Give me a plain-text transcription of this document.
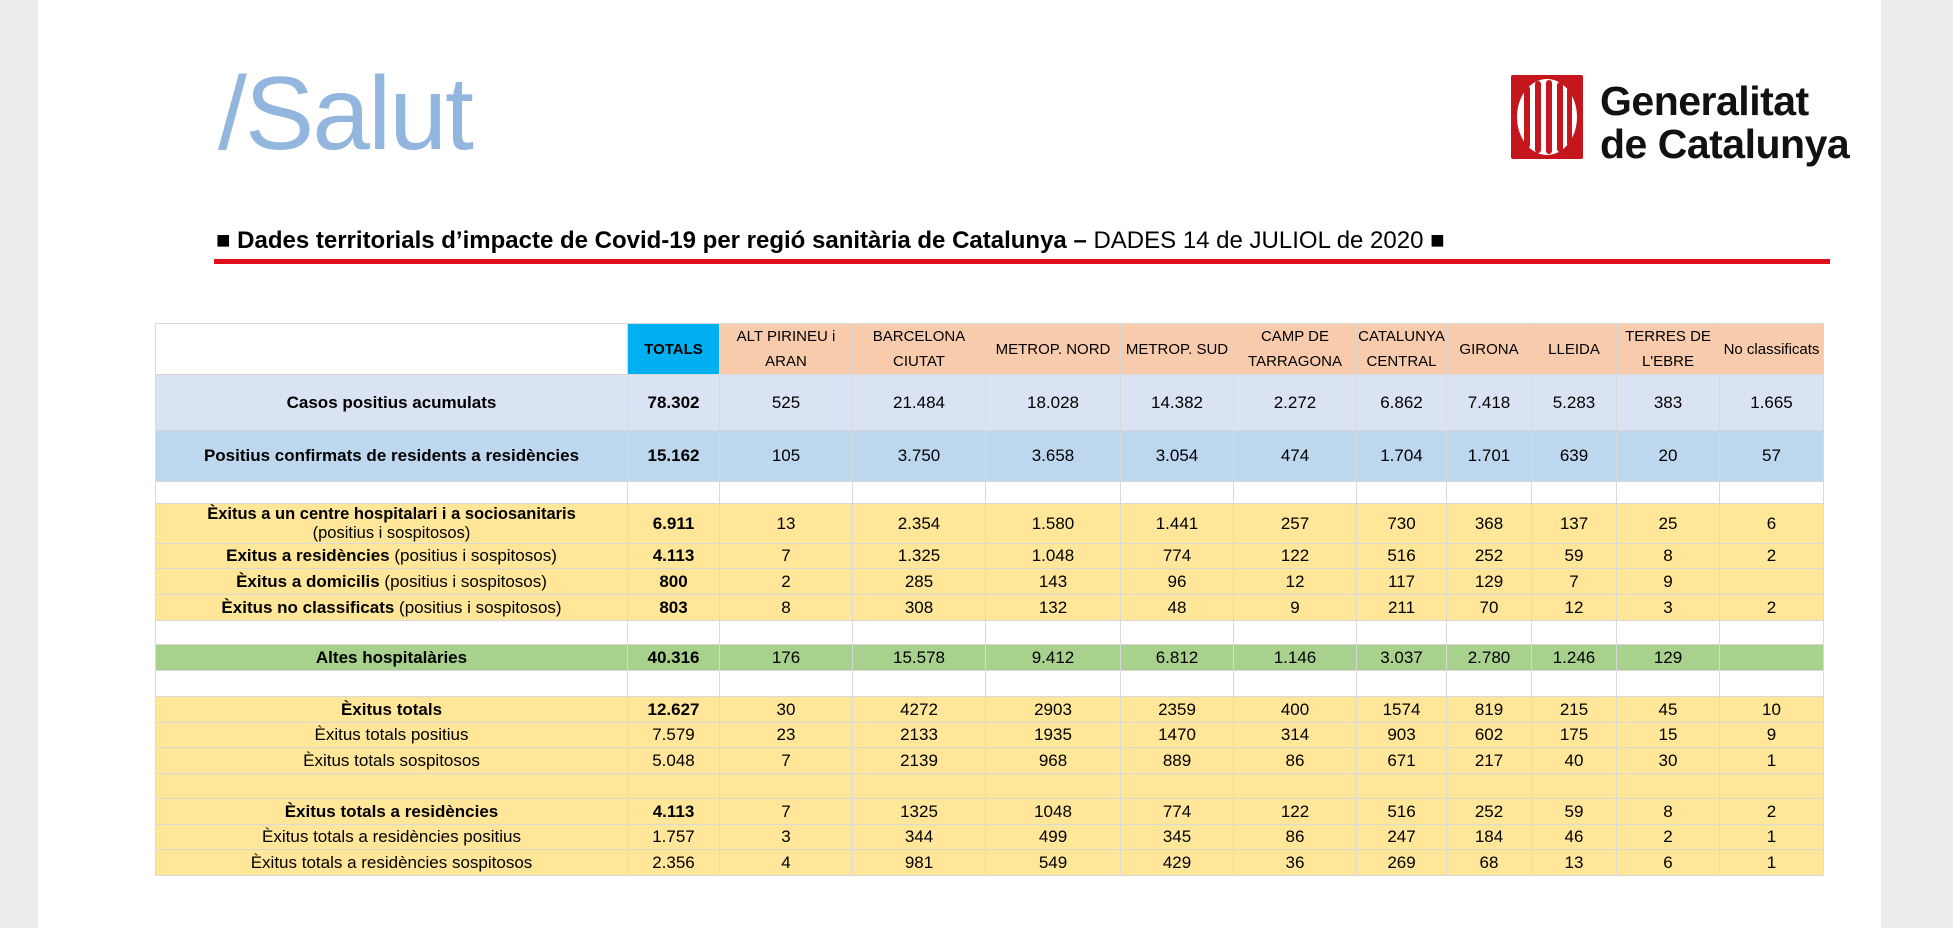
/Salut	Generalitat
de Catalunya
■ Dades territorials d’impacte de Covid-19 per regió sanitària de Catalunya – DADES 14 de JULIOL de 2020 ■
	TOTALS	ALT PIRINEU i ARAN	BARCELONA CIUTAT	METROP. NORD	METROP. SUD	CAMP DE TARRAGONA	CATALUNYA CENTRAL	GIRONA	LLEIDA	TERRES DE L'EBRE	No classificats
Casos positius acumulats	78.302	525	21.484	18.028	14.382	2.272	6.862	7.418	5.283	383	1.665
Positius confirmats de residents a residències	15.162	105	3.750	3.658	3.054	474	1.704	1.701	639	20	57

Èxitus a un centre hospitalari i a sociosanitaris
(positius i sospitosos)	6.911	13	2.354	1.580	1.441	257	730	368	137	25	6
Exitus a residències (positius i sospitosos)	4.113	7	1.325	1.048	774	122	516	252	59	8	2
Èxitus a domicilis (positius i sospitosos)	800	2	285	143	96	12	117	129	7	9	
Èxitus no classificats (positius i sospitosos)	803	8	308	132	48	9	211	70	12	3	2

Altes hospitalàries	40.316	176	15.578	9.412	6.812	1.146	3.037	2.780	1.246	129	

Èxitus totals	12.627	30	4272	2903	2359	400	1574	819	215	45	10
Èxitus totals positius	7.579	23	2133	1935	1470	314	903	602	175	15	9
Èxitus totals sospitosos	5.048	7	2139	968	889	86	671	217	40	30	1

Èxitus totals a residències	4.113	7	1325	1048	774	122	516	252	59	8	2
Èxitus totals a residències positius	1.757	3	344	499	345	86	247	184	46	2	1
Èxitus totals a residències sospitosos	2.356	4	981	549	429	36	269	68	13	6	1
